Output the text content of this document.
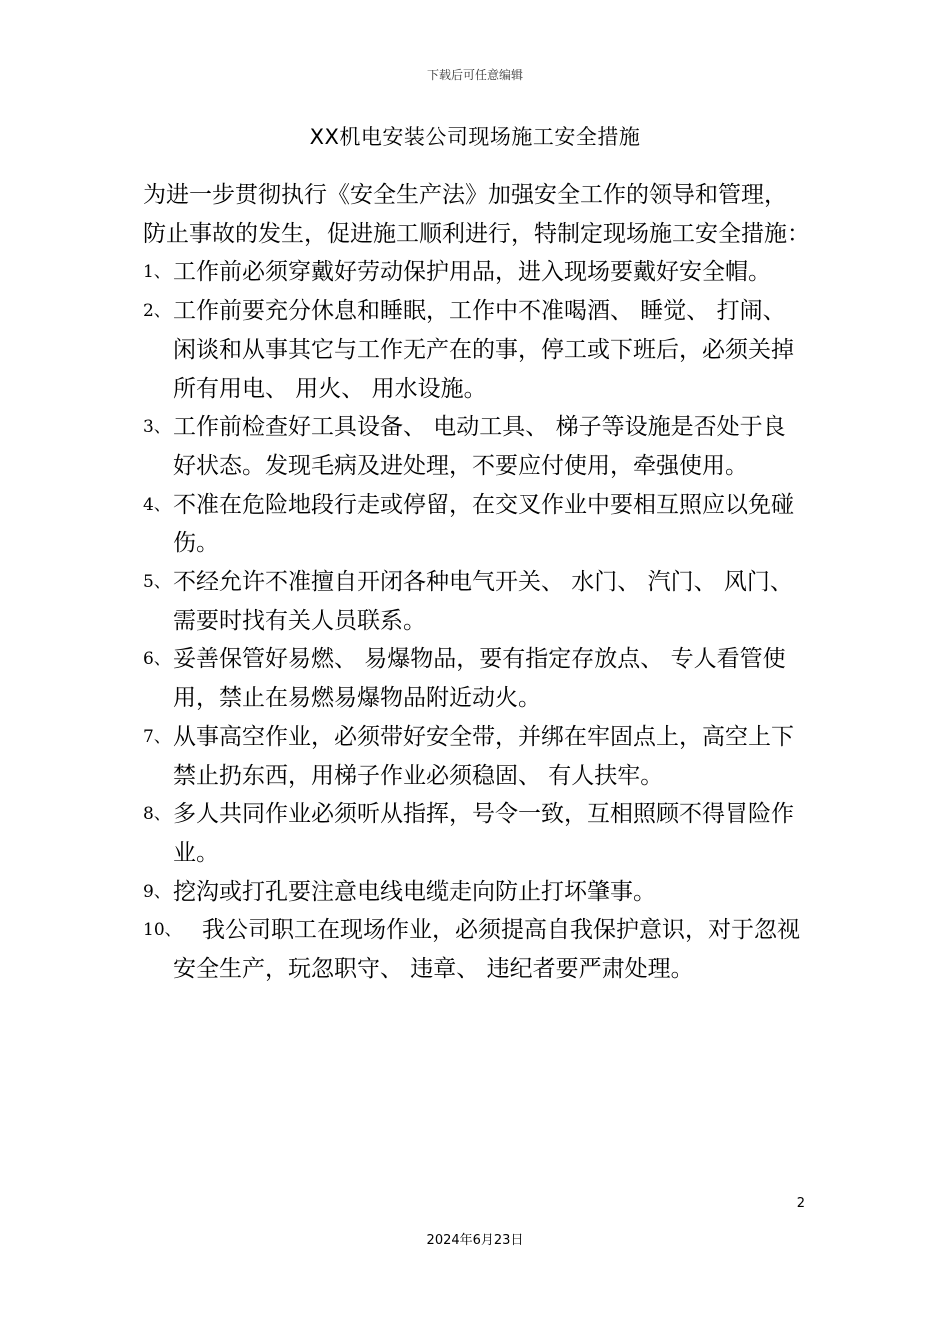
下载后可任意编辑
XX机电安装公司现场施工安全措施

为进一步贯彻执行《安全生产法》加强安全工作的领导和管理，

防止事故的发生，促进施工顺利进行，特制定现场施工安全措施：

1、 工作前必须穿戴好劳动保护用品，进入现场要戴好安全帽。
2、 工作前要充分休息和睡眠，工作中不准喝酒、 睡觉、 打闹、
闲谈和从事其它与工作无产在的事，停工或下班后，必须关掉
所有用电、 用火、 用水设施。
3、 工作前检查好工具设备、 电动工具、 梯子等设施是否处于良
好状态。发现毛病及进处理，不要应付使用，牵强使用。
4、 不准在危险地段行走或停留，在交叉作业中要相互照应以免碰
伤。
5、 不经允许不准擅自开闭各种电气开关、 水门、 汽门、 风门、
需要时找有关人员联系。
6、 妥善保管好易燃、 易爆物品，要有指定存放点、 专人看管使
用，禁止在易燃易爆物品附近动火。
7、 从事高空作业，必须带好安全带，并绑在牢固点上，高空上下
禁止扔东西，用梯子作业必须稳固、 有人扶牢。
8、 多人共同作业必须听从指挥，号令一致，互相照顾不得冒险作
业。
9、 挖沟或打孔要注意电线电缆走向防止打坏肇事。
10、 我公司职工在现场作业，必须提高自我保护意识，对于忽视
安全生产，玩忽职守、 违章、 违纪者要严肃处理。
2
2024年6月23日
